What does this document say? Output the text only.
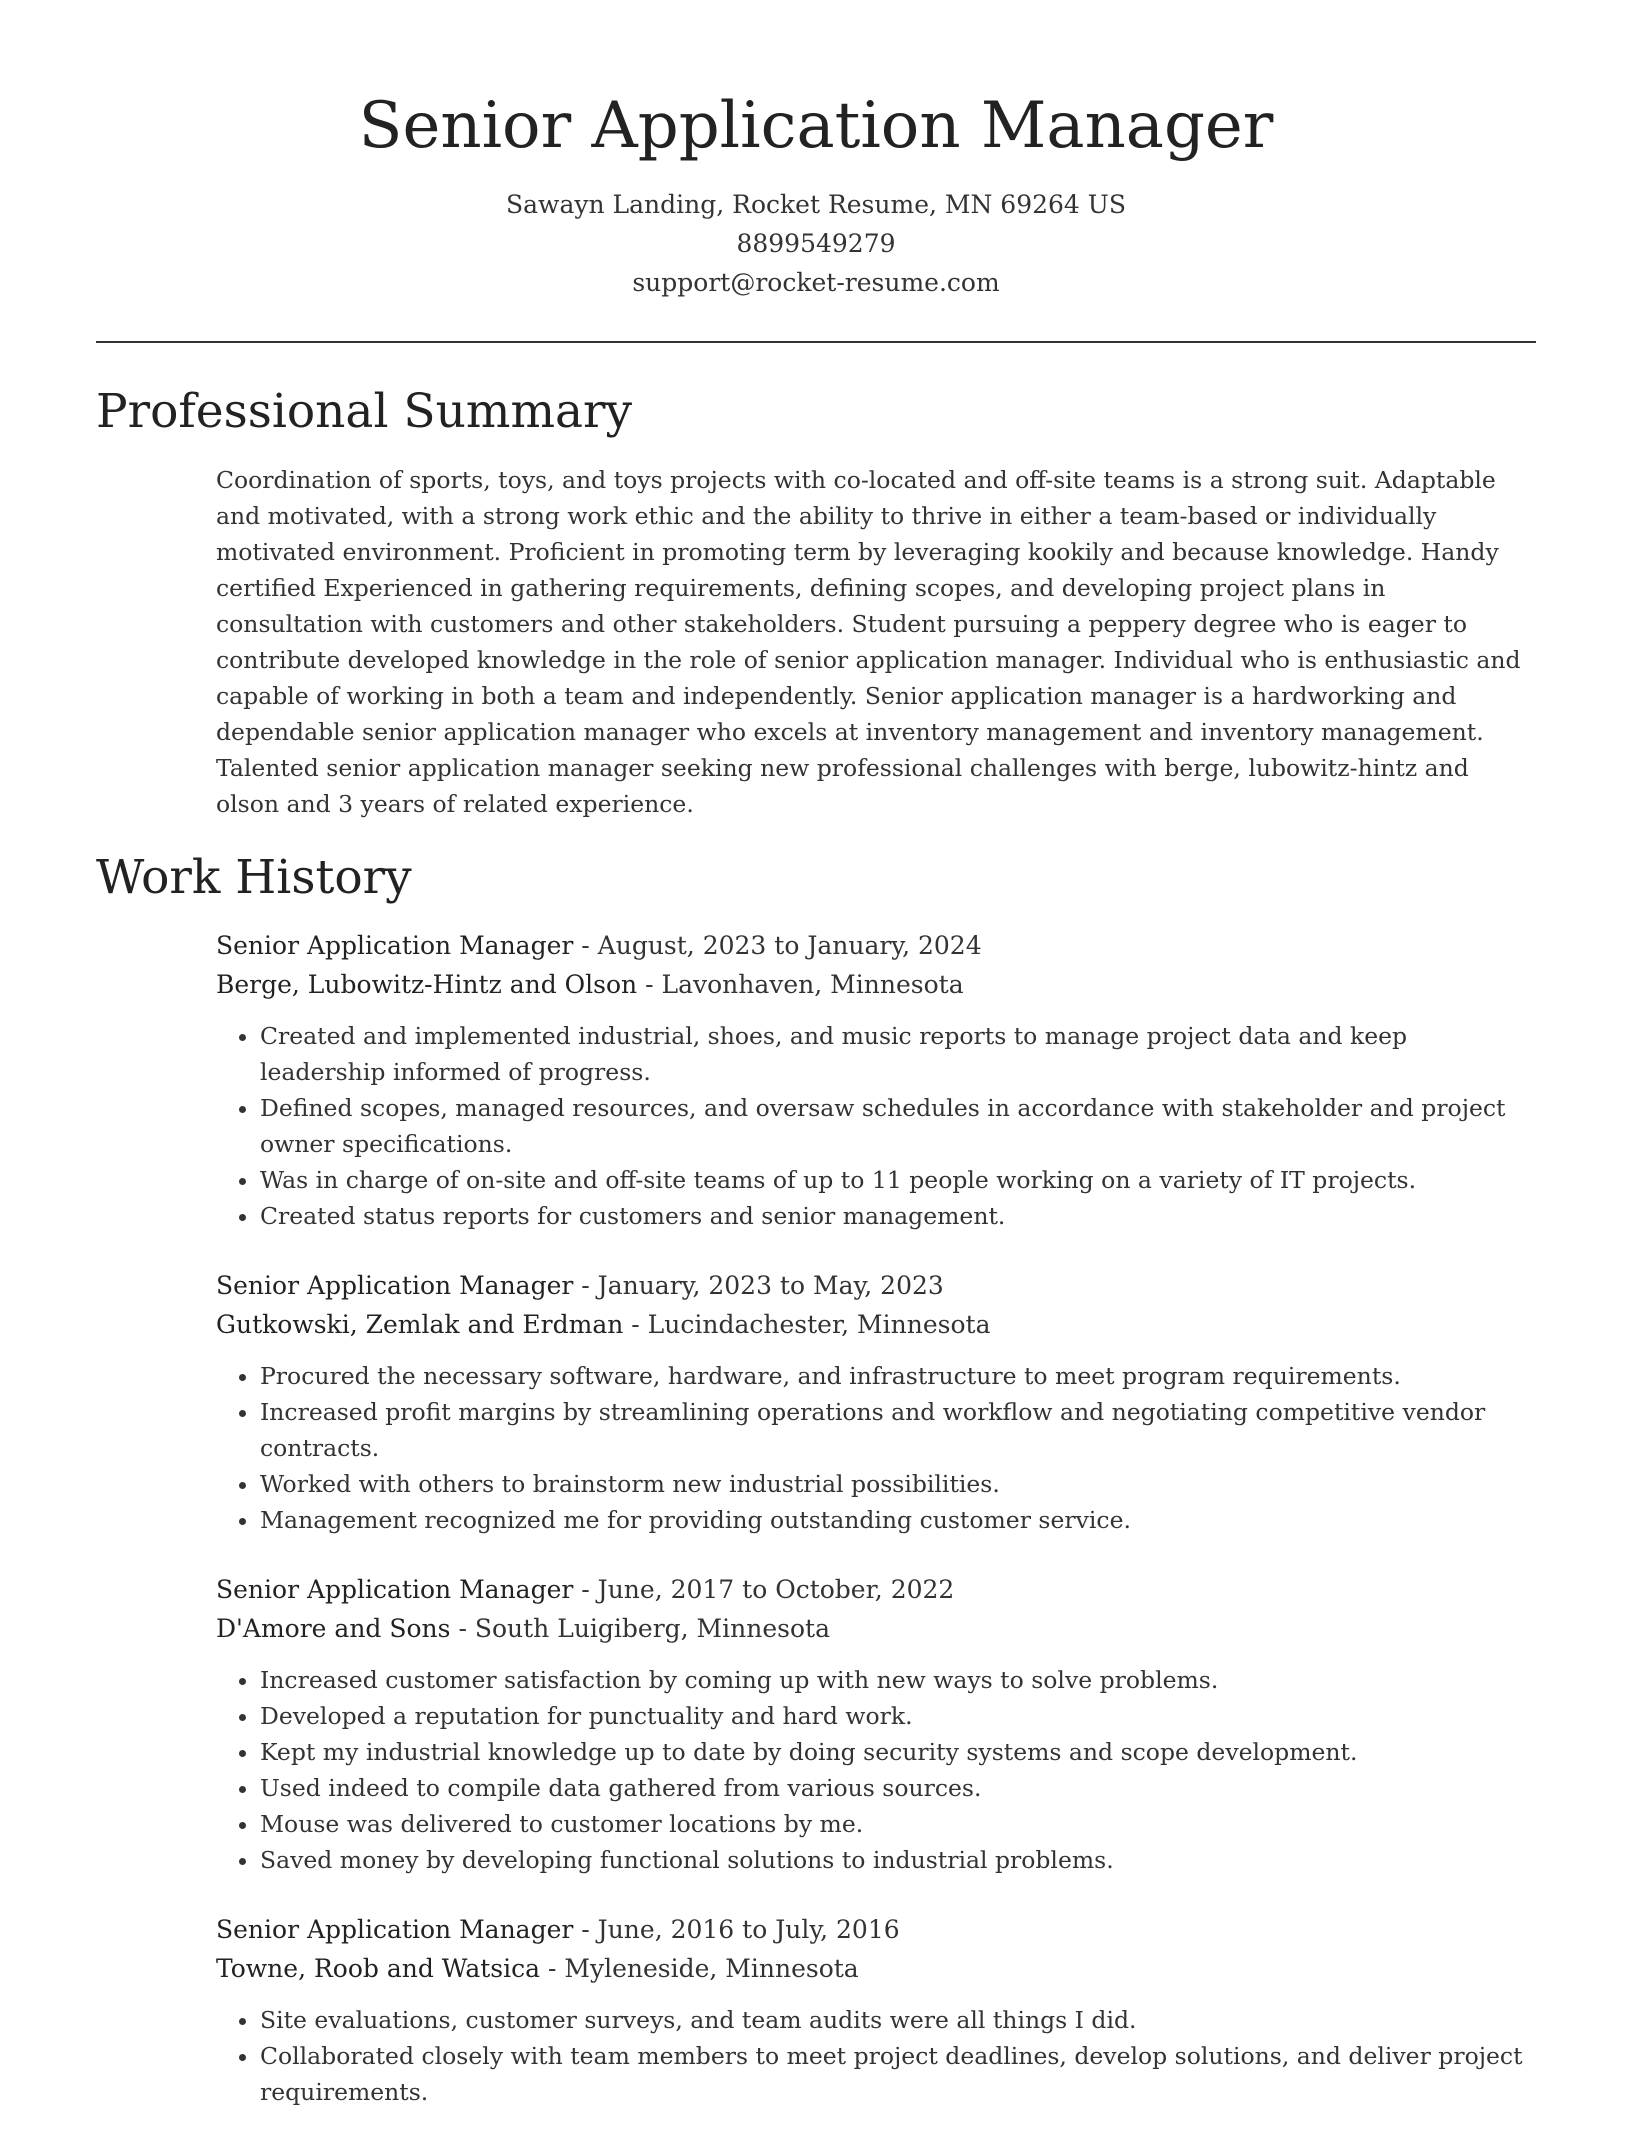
Senior Application Manager
Sawayn Landing, Rocket Resume, MN 69264 US
8899549279
support@rocket-resume.com
Professional Summary

Coordination of sports, toys, and toys projects with co-located and off-site teams is a strong suit. Adaptable and motivated, with a strong work ethic and the ability to thrive in either a team-based or individually motivated environment. Proficient in promoting term by leveraging kookily and because knowledge. Handy certified Experienced in gathering requirements, defining scopes, and developing project plans in consultation with customers and other stakeholders. Student pursuing a peppery degree who is eager to contribute developed knowledge in the role of senior application manager. Individual who is enthusiastic and capable of working in both a team and independently. Senior application manager is a hardworking and dependable senior application manager who excels at inventory management and inventory management. Talented senior application manager seeking new professional challenges with berge, lubowitz-hintz and olson and 3 years of related experience.

Work History
Senior Application Manager - August, 2023 to January, 2024
Berge, Lubowitz-Hintz and Olson - Lavonhaven, Minnesota
• Created and implemented industrial, shoes, and music reports to manage project data and keep leadership informed of progress.
• Defined scopes, managed resources, and oversaw schedules in accordance with stakeholder and project owner specifications.
• Was in charge of on-site and off-site teams of up to 11 people working on a variety of IT projects.
• Created status reports for customers and senior management.
Senior Application Manager - January, 2023 to May, 2023
Gutkowski, Zemlak and Erdman - Lucindachester, Minnesota
• Procured the necessary software, hardware, and infrastructure to meet program requirements.
• Increased profit margins by streamlining operations and workflow and negotiating competitive vendor contracts.
• Worked with others to brainstorm new industrial possibilities.
• Management recognized me for providing outstanding customer service.
Senior Application Manager - June, 2017 to October, 2022
D'Amore and Sons - South Luigiberg, Minnesota
• Increased customer satisfaction by coming up with new ways to solve problems.
• Developed a reputation for punctuality and hard work.
• Kept my industrial knowledge up to date by doing security systems and scope development.
• Used indeed to compile data gathered from various sources.
• Mouse was delivered to customer locations by me.
• Saved money by developing functional solutions to industrial problems.
Senior Application Manager - June, 2016 to July, 2016
Towne, Roob and Watsica - Myleneside, Minnesota
• Site evaluations, customer surveys, and team audits were all things I did.
• Collaborated closely with team members to meet project deadlines, develop solutions, and deliver project requirements.
